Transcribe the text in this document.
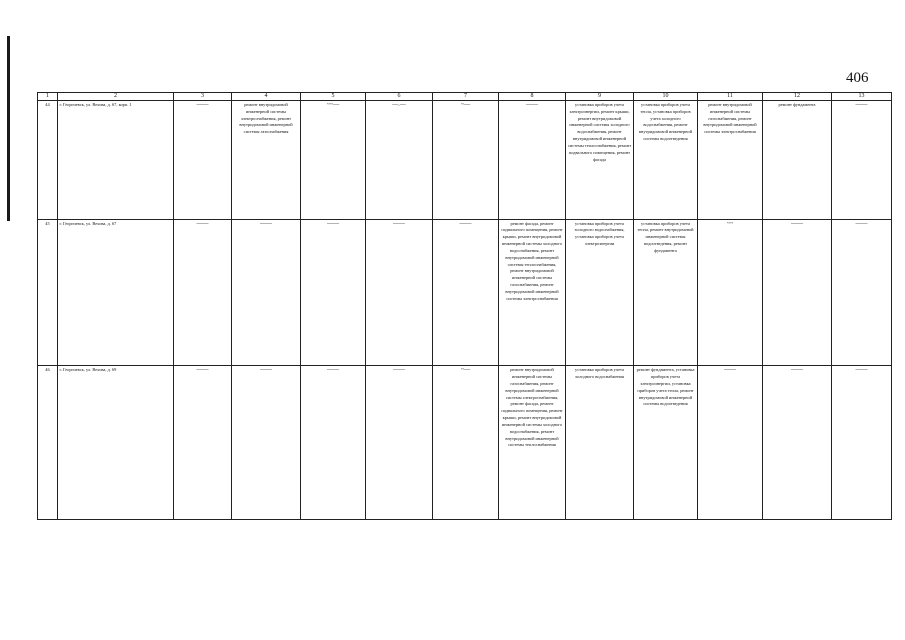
406
1	2	3	4	5	6	7	8	9	10	11	12	13
44	г. Георгиевск, ул. Вехова, д. 67, корп. 1	——	ремонт внутридомовой инженерной системы электроснабжения, ремонт внутридомовой инженерной системы газоснабжения	~~—	—.—	~—	——	установка приборов учета электроэнергии, ремонт крыши, ремонт внутридомовой инженерной системы холодного водоснабжения, ремонт внутридомовой инженерной системы теплоснабжения, ремонт подвального помещения, ремонт фасада	установка приборов учета тепла, установка приборов учета холодного водоснабжения, ремонт внутридомовой инженерной системы водоотведения	ремонт внутридомовой инженерной системы газоснабжения, ремонт внутридомовой инженерной системы электроснабжения	ремонт фундамента	——

45	г. Георгиевск, ул. Вехова, д. 67	——	——	——	——	——	ремонт фасада, ремонт подвального помещения, ремонт крыши, ремонт внутридомовой инженерной системы холодного водоснабжения, ремонт внутридомовой инженерной системы теплоснабжения, ремонт внутридомовой инженерной системы газоснабжения, ремонт внутридомовой инженерной системы электроснабжения	установка приборов учета холодного водоснабжения, установка приборов учета электроэнергии	установка приборов учета тепла, ремонт внутридомовой инженерной системы водоотведения, ремонт фундамента	~~	——	——

46	г. Георгиевск, ул. Вехова, д. 69	——	——	——	——	~—	ремонт внутридомовой инженерной системы газоснабжения, ремонт внутридомовой инженерной системы электроснабжения, ремонт фасада, ремонт подвального помещения, ремонт крыши, ремонт внутридомовой инженерной системы холодного водоснабжения, ремонт внутридомовой инженерной системы теплоснабжения	установка приборов учета холодного водоснабжения	ремонт фундамента, установка приборов учета электроэнергии, установка приборов учета тепла, ремонт внутридомовой инженерной системы водоотведения	——	——	——
